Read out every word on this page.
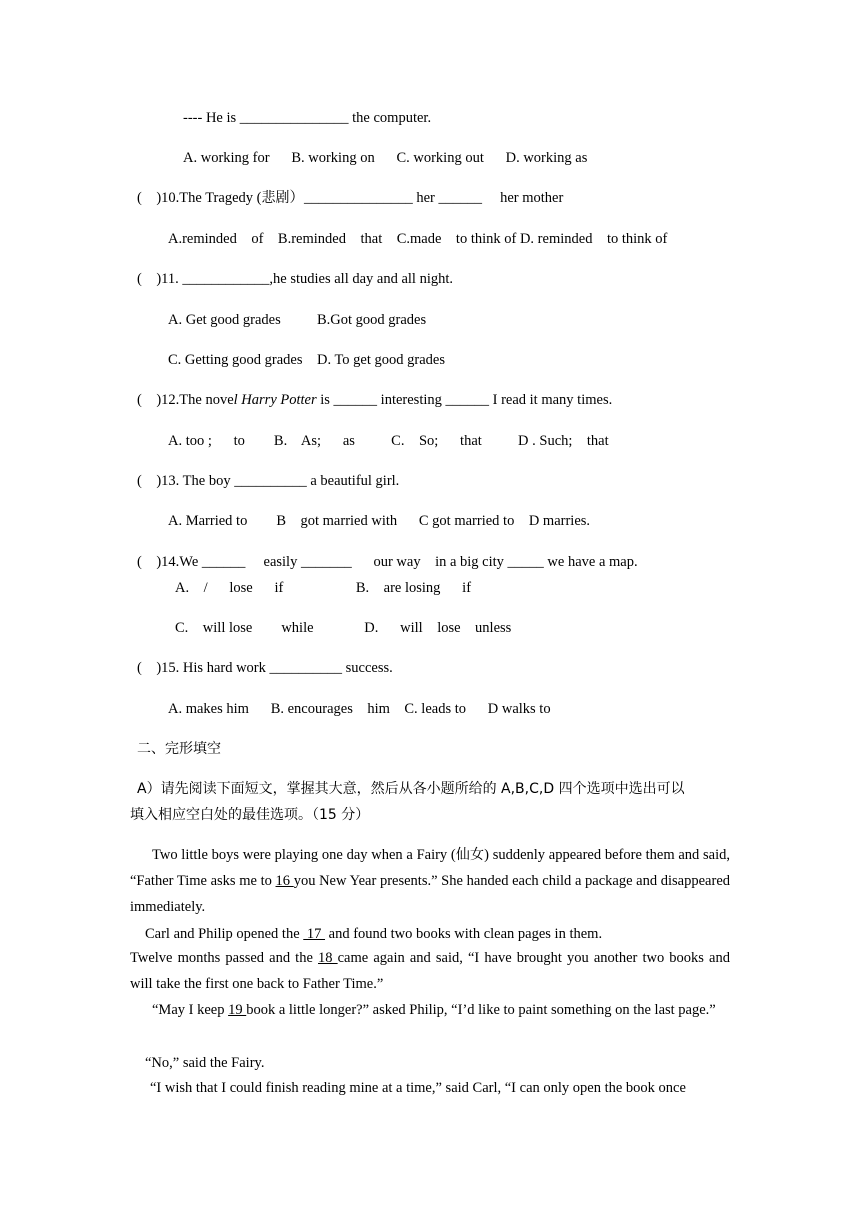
---- He is _______________ the computer.
A. working for      B. working on      C. working out      D. working as
(    )10.The Tragedy (悲剧）_______________ her ______     her mother
A.reminded    of    B.reminded    that    C.made    to think of D. reminded    to think of
(    )11. ____________,he studies all day and all night.
A. Get good grades          B.Got good grades
C. Getting good grades    D. To get good grades
(    )12.The novel Harry Potter is ______ interesting ______ I read it many times.
A. too ;      to        B.    As;      as          C.    So;      that          D . Such;    that
(    )13. The boy __________ a beautiful girl.
A. Married to        B    got married with      C got married to    D marries.
(    )14.We ______     easily _______      our way    in a big city _____ we have a map.
A.    /      lose      if                    B.    are losing      if
C.    will lose        while              D.      will    lose    unless
(    )15. His hard work __________ success.
A. makes him      B. encourages    him    C. leads to      D walks to
二、完形填空
A）请先阅读下面短文，掌握其大意，然后从各小题所给的 A,B,C,D 四个选项中选出可以
填入相应空白处的最佳选项。（15 分）
Two little boys were playing one day when a Fairy (仙女) suddenly appeared before them and said, “Father Time asks me to 16 you New Year presents.” She handed each child a package and disappeared immediately.
Carl and Philip opened the  17  and found two books with clean pages in them.
Twelve months passed and the 18 came again and said, “I have brought you another two books and will take the first one back to Father Time.”
“May I keep 19 book a little longer?” asked Philip, “I’d like to paint something on the last page.”
“No,” said the Fairy.
“I wish that I could finish reading mine at a time,” said Carl, “I can only open the book once
